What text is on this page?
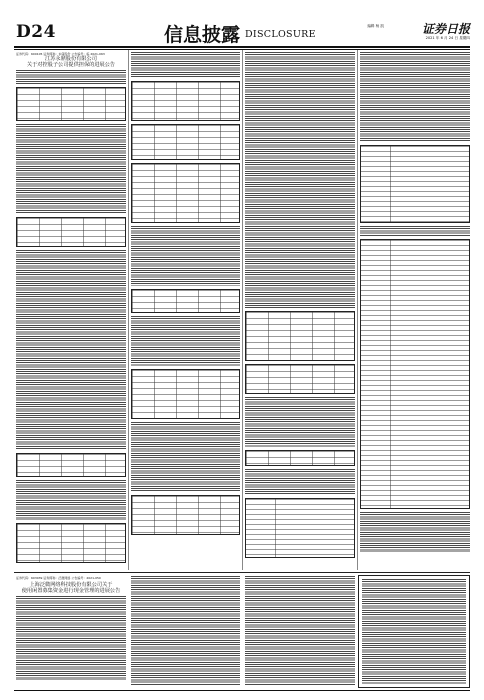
D24	信息披露 DISCLOSURE
编辑 杨 凯
2021 年 6 月 24 日 星期四
证券日报
证券代码：600105 证券简称：永鼎股份 公告编号：临 2021-063
江苏永鼎股份有限公司
关于对控股子公司提供担保的进展公告
证券代码：603039 证券简称：泛微网络 公告编号：2021-050
上海泛微网络科技股份有限公司关于
使用闲置募集资金进行现金管理的进展公告
